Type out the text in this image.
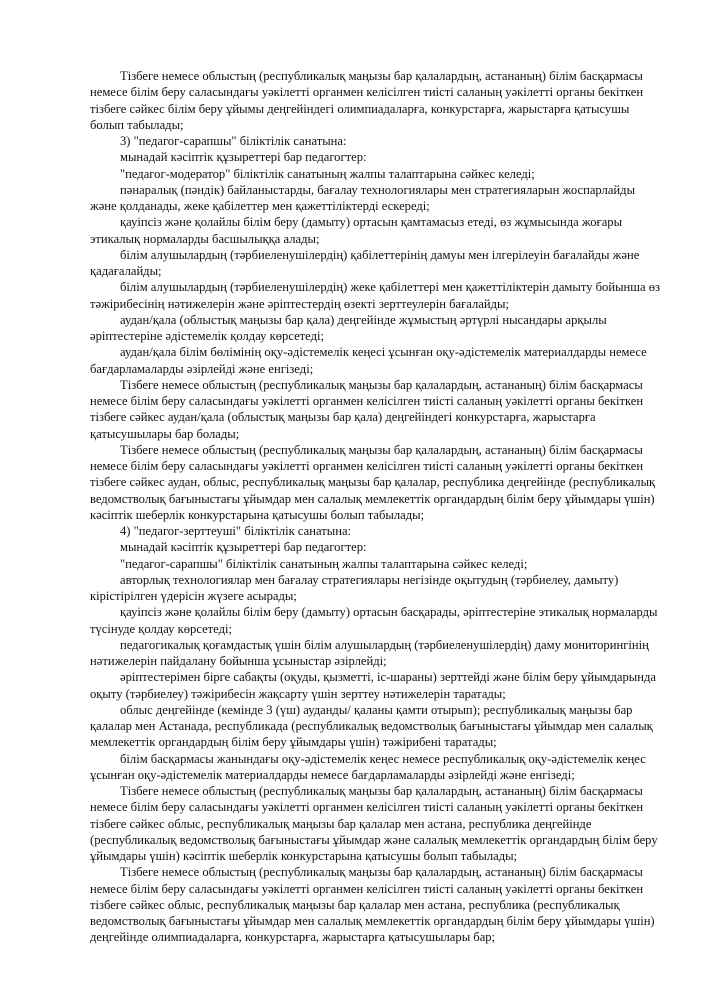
Тізбеге немесе облыстың (республикалық маңызы бар қалалардың, астананың) білім басқармасы немесе білім беру саласындағы уәкілетті органмен келісілген тиісті саланың уәкілетті органы бекіткен тізбеге сәйкес білім беру ұйымы деңгейіндегі олимпиадаларға, конкурстарға, жарыстарға қатысушы болып табылады;

3) "педагог-сарапшы" біліктілік санатына:

мынадай кәсіптік құзыреттері бар педагогтер:

"педагог-модератор" біліктілік санатының жалпы талаптарына сәйкес келеді;

пәнаралық (пәндік) байланыстарды, бағалау технологиялары мен стратегияларын жоспарлайды және қолданады, жеке қабілеттер мен қажеттіліктерді ескереді;

қауіпсіз және қолайлы білім беру (дамыту) ортасын қамтамасыз етеді, өз жұмысында жоғары этикалық нормаларды басшылыққа алады;

білім алушылардың (тәрбиеленушілердің) қабілеттерінің дамуы мен ілгерілеуін бағалайды және қадағалайды;

білім алушылардың (тәрбиеленушілердің) жеке қабілеттері мен қажеттіліктерін дамыту бойынша өз тәжірибесінің нәтижелерін және әріптестердің өзекті зерттеулерін бағалайды;

аудан/қала (облыстық маңызы бар қала) деңгейінде жұмыстың әртүрлі нысандары арқылы әріптестеріне әдістемелік қолдау көрсетеді;

аудан/қала білім бөлімінің оқу-әдістемелік кеңесі ұсынған оқу-әдістемелік материалдарды немесе бағдарламаларды әзірлейді және енгізеді;

Тізбеге немесе облыстың (республикалық маңызы бар қалалардың, астананың) білім басқармасы немесе білім беру саласындағы уәкілетті органмен келісілген тиісті саланың уәкілетті органы бекіткен тізбеге сәйкес аудан/қала (облыстық маңызы бар қала) деңгейіндегі конкурстарға, жарыстарға қатысушылары бар болады;

Тізбеге немесе облыстың (республикалық маңызы бар қалалардың, астананың) білім басқармасы немесе білім беру саласындағы уәкілетті органмен келісілген тиісті саланың уәкілетті органы бекіткен тізбеге сәйкес аудан, облыс, республикалық маңызы бар қалалар, республика деңгейінде (республикалық ведомстволық бағыныстағы ұйымдар мен салалық мемлекеттік органдардың білім беру ұйымдары үшін) кәсіптік шеберлік конкурстарына қатысушы болып табылады;

4) "педагог-зерттеуші" біліктілік санатына:

мынадай кәсіптік құзыреттері бар педагогтер:

"педагог-сарапшы" біліктілік санатының жалпы талаптарына сәйкес келеді;

авторлық технологиялар мен бағалау стратегиялары негізінде оқытудың (тәрбиелеу, дамыту) кірістірілген үдерісін жүзеге асырады;

қауіпсіз және қолайлы білім беру (дамыту) ортасын басқарады, әріптестеріне этикалық нормаларды түсінуде қолдау көрсетеді;

педагогикалық қоғамдастық үшін білім алушылардың (тәрбиеленушілердің) даму мониторингінің нәтижелерін пайдалану бойынша ұсыныстар әзірлейді;

әріптестерімен бірге сабақты (оқуды, қызметті, іс-шараны) зерттейді және білім беру ұйымдарында оқыту (тәрбиелеу) тәжірибесін жақсарту үшін зерттеу нәтижелерін таратады;

облыс деңгейінде (кемінде 3 (үш) ауданды/ қаланы қамти отырып); республикалық маңызы бар қалалар мен Астанада, республикада (республикалық ведомстволық бағыныстағы ұйымдар мен салалық мемлекеттік органдардың білім беру ұйымдары үшін) тәжірибені таратады;

білім басқармасы жанындағы оқу-әдістемелік кеңес немесе республикалық оқу-әдістемелік кеңес ұсынған оқу-әдістемелік материалдарды немесе бағдарламаларды әзірлейді және енгізеді;

Тізбеге немесе облыстың (республикалық маңызы бар қалалардың, астананың) білім басқармасы немесе білім беру саласындағы уәкілетті органмен келісілген тиісті саланың уәкілетті органы бекіткен тізбеге сәйкес облыс, республикалық маңызы бар қалалар мен астана, республика деңгейінде (республикалық ведомстволық бағыныстағы ұйымдар және салалық мемлекеттік органдардың білім беру ұйымдары үшін) кәсіптік шеберлік конкурстарына қатысушы болып табылады;

Тізбеге немесе облыстың (республикалық маңызы бар қалалардың, астананың) білім басқармасы немесе білім беру саласындағы уәкілетті органмен келісілген тиісті саланың уәкілетті органы бекіткен тізбеге сәйкес облыс, республикалық маңызы бар қалалар мен астана, республика (республикалық ведомстволық бағыныстағы ұйымдар мен салалық мемлекеттік органдардың білім беру ұйымдары үшін) деңгейінде олимпиадаларға, конкурстарға, жарыстарға қатысушылары бар;
